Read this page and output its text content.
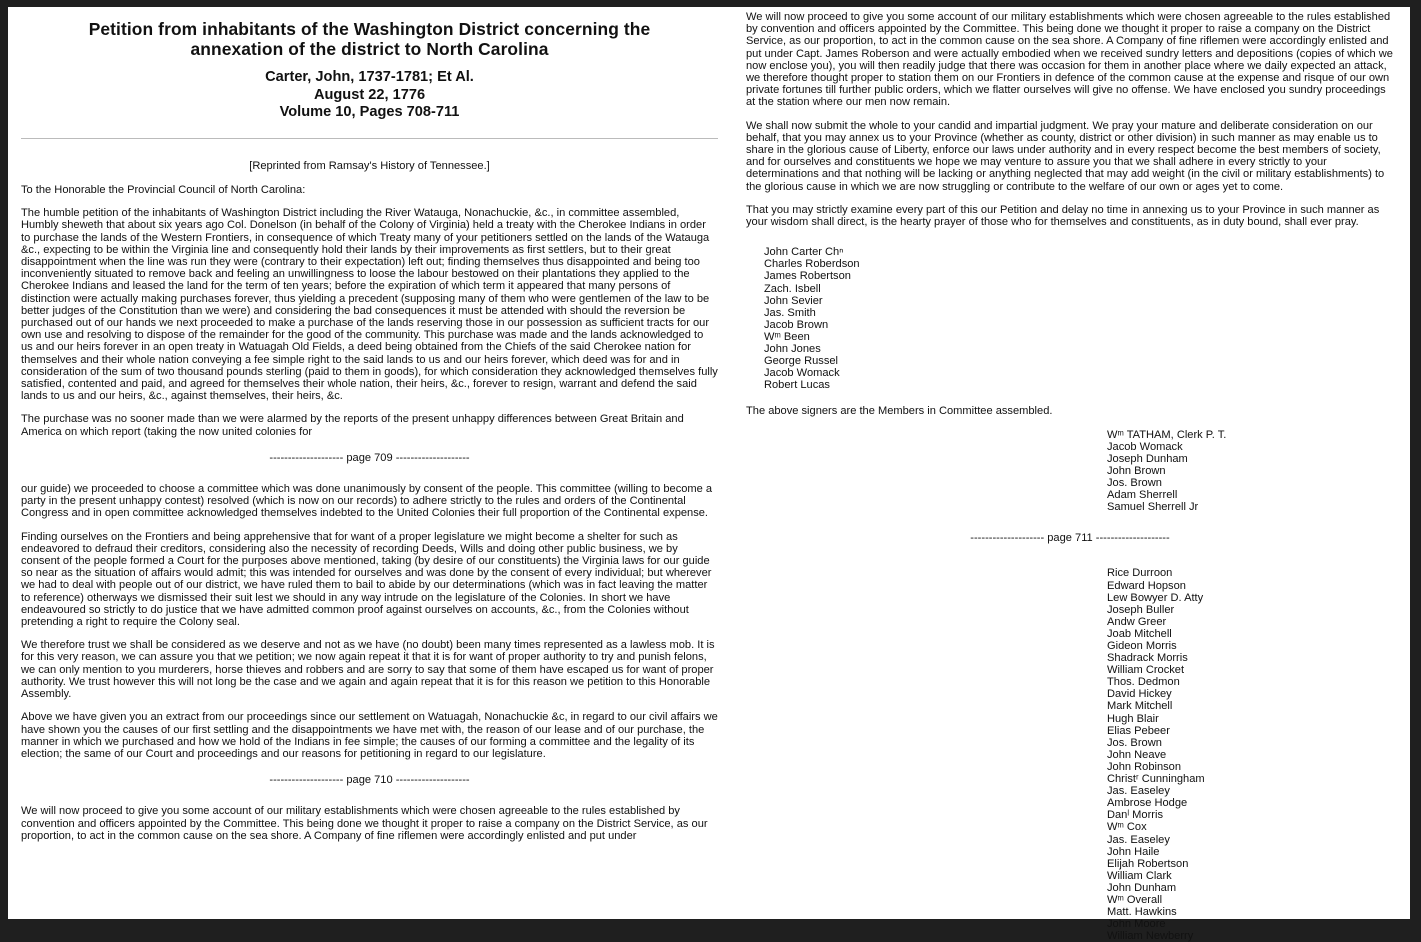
Petition from inhabitants of the Washington District concerning the
annexation of the district to North Carolina
Carter, John, 1737-1781; Et Al.
August 22, 1776
Volume 10, Pages 708-711

[Reprinted from Ramsay's History of Tennessee.]

To the Honorable the Provincial Council of North Carolina:

The humble petition of the inhabitants of Washington District including the River Watauga, Nonachuckie, &c., in committee assembled, Humbly sheweth that about six years ago Col. Donelson (in behalf of the Colony of Virginia) held a treaty with the Cherokee Indians in order to purchase the lands of the Western Frontiers, in consequence of which Treaty many of your petitioners settled on the lands of the Watauga &c., expecting to be within the Virginia line and consequently hold their lands by their improvements as first settlers, but to their great disappointment when the line was run they were (contrary to their expectation) left out; finding themselves thus disappointed and being too inconveniently situated to remove back and feeling an unwillingness to loose the labour bestowed on their plantations they applied to the Cherokee Indians and leased the land for the term of ten years; before the expiration of which term it appeared that many persons of distinction were actually making purchases forever, thus yielding a precedent (supposing many of them who were gentlemen of the law to be better judges of the Constitution than we were) and considering the bad consequences it must be attended with should the reversion be purchased out of our hands we next proceeded to make a purchase of the lands reserving those in our possession as sufficient tracts for our own use and resolving to dispose of the remainder for the good of the community. This purchase was made and the lands acknowledged to us and our heirs forever in an open treaty in Watuagah Old Fields, a deed being obtained from the Chiefs of the said Cherokee nation for themselves and their whole nation conveying a fee simple right to the said lands to us and our heirs forever, which deed was for and in consideration of the sum of two thousand pounds sterling (paid to them in goods), for which consideration they acknowledged themselves fully satisfied, contented and paid, and agreed for themselves their whole nation, their heirs, &c., forever to resign, warrant and defend the said lands to us and our heirs, &c., against themselves, their heirs, &c.

The purchase was no sooner made than we were alarmed by the reports of the present unhappy differences between Great Britain and America on which report (taking the now united colonies for

-------------------- page 709 --------------------

our guide) we proceeded to choose a committee which was done unanimously by consent of the people. This committee (willing to become a party in the present unhappy contest) resolved (which is now on our records) to adhere strictly to the rules and orders of the Continental Congress and in open committee acknowledged themselves indebted to the United Colonies their full proportion of the Continental expense.

Finding ourselves on the Frontiers and being apprehensive that for want of a proper legislature we might become a shelter for such as endeavored to defraud their creditors, considering also the necessity of recording Deeds, Wills and doing other public business, we by consent of the people formed a Court for the purposes above mentioned, taking (by desire of our constituents) the Virginia laws for our guide so near as the situation of affairs would admit; this was intended for ourselves and was done by the consent of every individual; but wherever we had to deal with people out of our district, we have ruled them to bail to abide by our determinations (which was in fact leaving the matter to reference) otherways we dismissed their suit lest we should in any way intrude on the legislature of the Colonies. In short we have endeavoured so strictly to do justice that we have admitted common proof against ourselves on accounts, &c., from the Colonies without pretending a right to require the Colony seal.

We therefore trust we shall be considered as we deserve and not as we have (no doubt) been many times represented as a lawless mob. It is for this very reason, we can assure you that we petition; we now again repeat it that it is for want of proper authority to try and punish felons, we can only mention to you murderers, horse thieves and robbers and are sorry to say that some of them have escaped us for want of proper authority. We trust however this will not long be the case and we again and again repeat that it is for this reason we petition to this Honorable Assembly.

Above we have given you an extract from our proceedings since our settlement on Watuagah, Nonachuckie &c, in regard to our civil affairs we have shown you the causes of our first settling and the disappointments we have met with, the reason of our lease and of our purchase, the manner in which we purchased and how we hold of the Indians in fee simple; the causes of our forming a committee and the legality of its election; the same of our Court and proceedings and our reasons for petitioning in regard to our legislature.

-------------------- page 710 --------------------

We will now proceed to give you some account of our military establishments which were chosen agreeable to the rules established by convention and officers appointed by the Committee. This being done we thought it proper to raise a company on the District Service, as our proportion, to act in the common cause on the sea shore. A Company of fine riflemen were accordingly enlisted and put under

We will now proceed to give you some account of our military establishments which were chosen agreeable to the rules established by convention and officers appointed by the Committee. This being done we thought it proper to raise a company on the District Service, as our proportion, to act in the common cause on the sea shore. A Company of fine riflemen were accordingly enlisted and put under Capt. James Roberson and were actually embodied when we received sundry letters and depositions (copies of which we now enclose you), you will then readily judge that there was occasion for them in another place where we daily expected an attack, we therefore thought proper to station them on our Frontiers in defence of the common cause at the expense and risque of our own private fortunes till further public orders, which we flatter ourselves will give no offense. We have enclosed you sundry proceedings at the station where our men now remain.

We shall now submit the whole to your candid and impartial judgment. We pray your mature and deliberate consideration on our behalf, that you may annex us to your Province (whether as county, district or other division) in such manner as may enable us to share in the glorious cause of Liberty, enforce our laws under authority and in every respect become the best members of society, and for ourselves and constituents we hope we may venture to assure you that we shall adhere in every strictly to your determinations and that nothing will be lacking or anything neglected that may add weight (in the civil or military establishments) to the glorious cause in which we are now struggling or contribute to the welfare of our own or ages yet to come.

That you may strictly examine every part of this our Petition and delay no time in annexing us to your Province in such manner as your wisdom shall direct, is the hearty prayer of those who for themselves and constituents, as in duty bound, shall ever pray.

John Carter Chⁿ
Charles Roberdson
James Robertson
Zach. Isbell
John Sevier
Jas. Smith
Jacob Brown
Wᵐ Been
John Jones
George Russel
Jacob Womack
Robert Lucas

The above signers are the Members in Committee assembled.

Wᵐ TATHAM, Clerk P. T.
Jacob Womack
Joseph Dunham
John Brown
Jos. Brown
Adam Sherrell
Samuel Sherrell Jr

-------------------- page 711 --------------------

Rice Durroon
Edward Hopson
Lew Bowyer D. Atty
Joseph Buller
Andw Greer
Joab Mitchell
Gideon Morris
Shadrack Morris
William Crocket
Thos. Dedmon
David Hickey
Mark Mitchell
Hugh Blair
Elias Pebeer
Jos. Brown
John Neave
John Robinson
Christʳ Cunningham
Jas. Easeley
Ambrose Hodge
Danˡ Morris
Wᵐ Cox
Jas. Easeley
John Haile
Elijah Robertson
William Clark
John Dunham
Wᵐ Overall
Matt. Hawkins
John Moore
William Newberry
